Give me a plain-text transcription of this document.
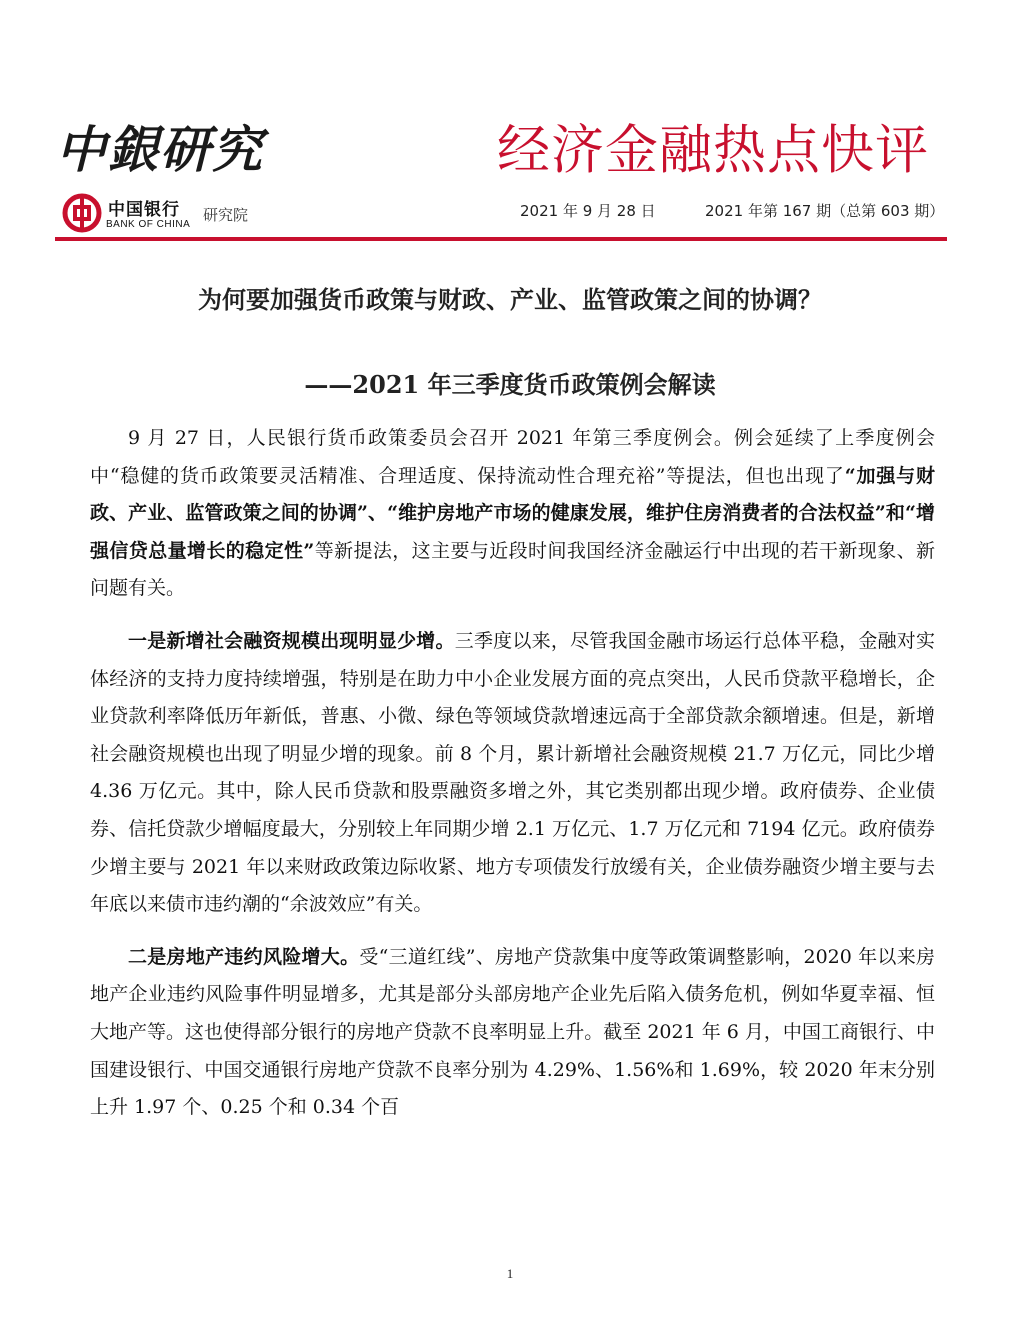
中銀研究	经济金融热点快评
中国银行
BANK OF CHINA
研究院	2021 年 9 月 28 日	2021 年第 167 期（总第 603 期）
为何要加强货币政策与财政、产业、监管政策之间的协调？
——2021 年三季度货币政策例会解读

9 月 27 日，人民银行货币政策委员会召开 2021 年第三季度例会。例会延续了上季度例会中“稳健的货币政策要灵活精准、合理适度、保持流动性合理充裕”等提法，但也出现了“加强与财政、产业、监管政策之间的协调”、“维护房地产市场的健康发展，维护住房消费者的合法权益”和“增强信贷总量增长的稳定性”等新提法，这主要与近段时间我国经济金融运行中出现的若干新现象、新问题有关。

一是新增社会融资规模出现明显少增。三季度以来，尽管我国金融市场运行总体平稳，金融对实体经济的支持力度持续增强，特别是在助力中小企业发展方面的亮点突出，人民币贷款平稳增长，企业贷款利率降低历年新低，普惠、小微、绿色等领域贷款增速远高于全部贷款余额增速。但是，新增社会融资规模也出现了明显少增的现象。前 8 个月，累计新增社会融资规模 21.7 万亿元，同比少增 4.36 万亿元。其中，除人民币贷款和股票融资多增之外，其它类别都出现少增。政府债券、企业债券、信托贷款少增幅度最大，分别较上年同期少增 2.1 万亿元、1.7 万亿元和 7194 亿元。政府债券少增主要与 2021 年以来财政政策边际收紧、地方专项债发行放缓有关，企业债券融资少增主要与去年底以来债市违约潮的“余波效应”有关。

二是房地产违约风险增大。受“三道红线”、房地产贷款集中度等政策调整影响，2020 年以来房地产企业违约风险事件明显增多，尤其是部分头部房地产企业先后陷入债务危机，例如华夏幸福、恒大地产等。这也使得部分银行的房地产贷款不良率明显上升。截至 2021 年 6 月，中国工商银行、中国建设银行、中国交通银行房地产贷款不良率分别为 4.29%、1.56%和 1.69%，较 2020 年末分别上升 1.97 个、0.25 个和 0.34 个百

1
